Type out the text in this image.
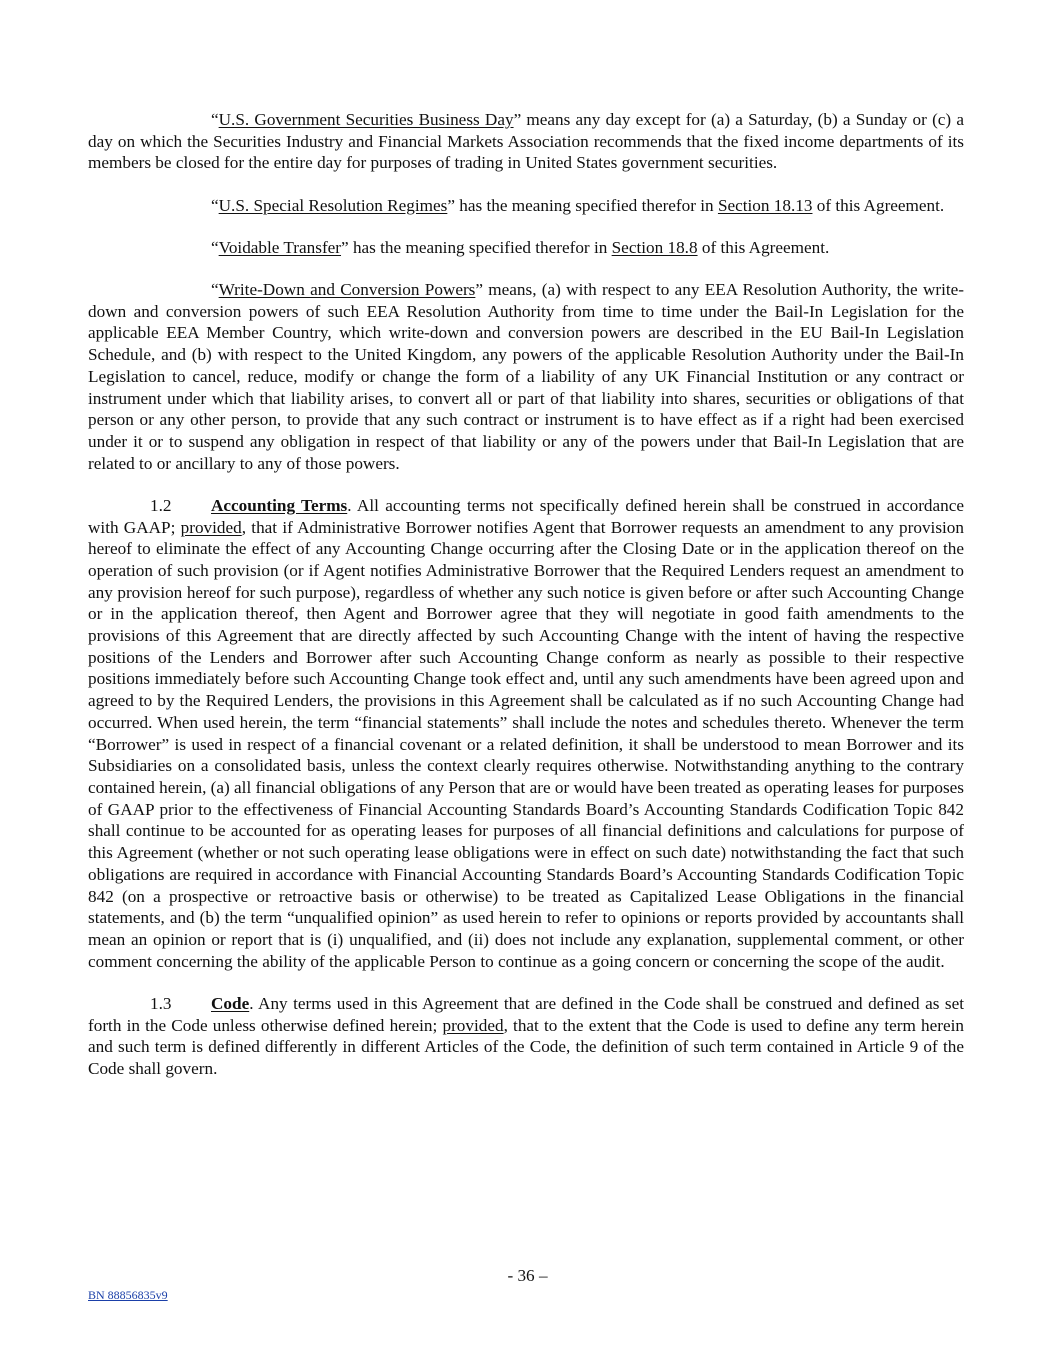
“U.S. Government Securities Business Day” means any day except for (a) a Saturday, (b) a Sunday or (c) a day on which the Securities Industry and Financial Markets Association recommends that the fixed income departments of its members be closed for the entire day for purposes of trading in United States government securities.

“U.S. Special Resolution Regimes” has the meaning specified therefor in Section 18.13 of this Agreement.

“Voidable Transfer” has the meaning specified therefor in Section 18.8 of this Agreement.

“Write-Down and Conversion Powers” means, (a) with respect to any EEA Resolution Authority, the write-down and conversion powers of such EEA Resolution Authority from time to time under the Bail-In Legislation for the applicable EEA Member Country, which write-down and conversion powers are described in the EU Bail-In Legislation Schedule, and (b) with respect to the United Kingdom, any powers of the applicable Resolution Authority under the Bail-In Legislation to cancel, reduce, modify or change the form of a liability of any UK Financial Institution or any contract or instrument under which that liability arises, to convert all or part of that liability into shares, securities or obligations of that person or any other person, to provide that any such contract or instrument is to have effect as if a right had been exercised under it or to suspend any obligation in respect of that liability or any of the powers under that Bail-In Legislation that are related to or ancillary to any of those powers.

1.2 Accounting Terms. All accounting terms not specifically defined herein shall be construed in accordance with GAAP; provided, that if Administrative Borrower notifies Agent that Borrower requests an amendment to any provision hereof to eliminate the effect of any Accounting Change occurring after the Closing Date or in the application thereof on the operation of such provision (or if Agent notifies Administrative Borrower that the Required Lenders request an amendment to any provision hereof for such purpose), regardless of whether any such notice is given before or after such Accounting Change or in the application thereof, then Agent and Borrower agree that they will negotiate in good faith amendments to the provisions of this Agreement that are directly affected by such Accounting Change with the intent of having the respective positions of the Lenders and Borrower after such Accounting Change conform as nearly as possible to their respective positions immediately before such Accounting Change took effect and, until any such amendments have been agreed upon and agreed to by the Required Lenders, the provisions in this Agreement shall be calculated as if no such Accounting Change had occurred. When used herein, the term “financial statements” shall include the notes and schedules thereto. Whenever the term “Borrower” is used in respect of a financial covenant or a related definition, it shall be understood to mean Borrower and its Subsidiaries on a consolidated basis, unless the context clearly requires otherwise. Notwithstanding anything to the contrary contained herein, (a) all financial obligations of any Person that are or would have been treated as operating leases for purposes of GAAP prior to the effectiveness of Financial Accounting Standards Board’s Accounting Standards Codification Topic 842 shall continue to be accounted for as operating leases for purposes of all financial definitions and calculations for purpose of this Agreement (whether or not such operating lease obligations were in effect on such date) notwithstanding the fact that such obligations are required in accordance with Financial Accounting Standards Board’s Accounting Standards Codification Topic 842 (on a prospective or retroactive basis or otherwise) to be treated as Capitalized Lease Obligations in the financial statements, and (b) the term “unqualified opinion” as used herein to refer to opinions or reports provided by accountants shall mean an opinion or report that is (i) unqualified, and (ii) does not include any explanation, supplemental comment, or other comment concerning the ability of the applicable Person to continue as a going concern or concerning the scope of the audit.

1.3 Code. Any terms used in this Agreement that are defined in the Code shall be construed and defined as set forth in the Code unless otherwise defined herein; provided, that to the extent that the Code is used to define any term herein and such term is defined differently in different Articles of the Code, the definition of such term contained in Article 9 of the Code shall govern.

- 36 –
BN 88856835v9
